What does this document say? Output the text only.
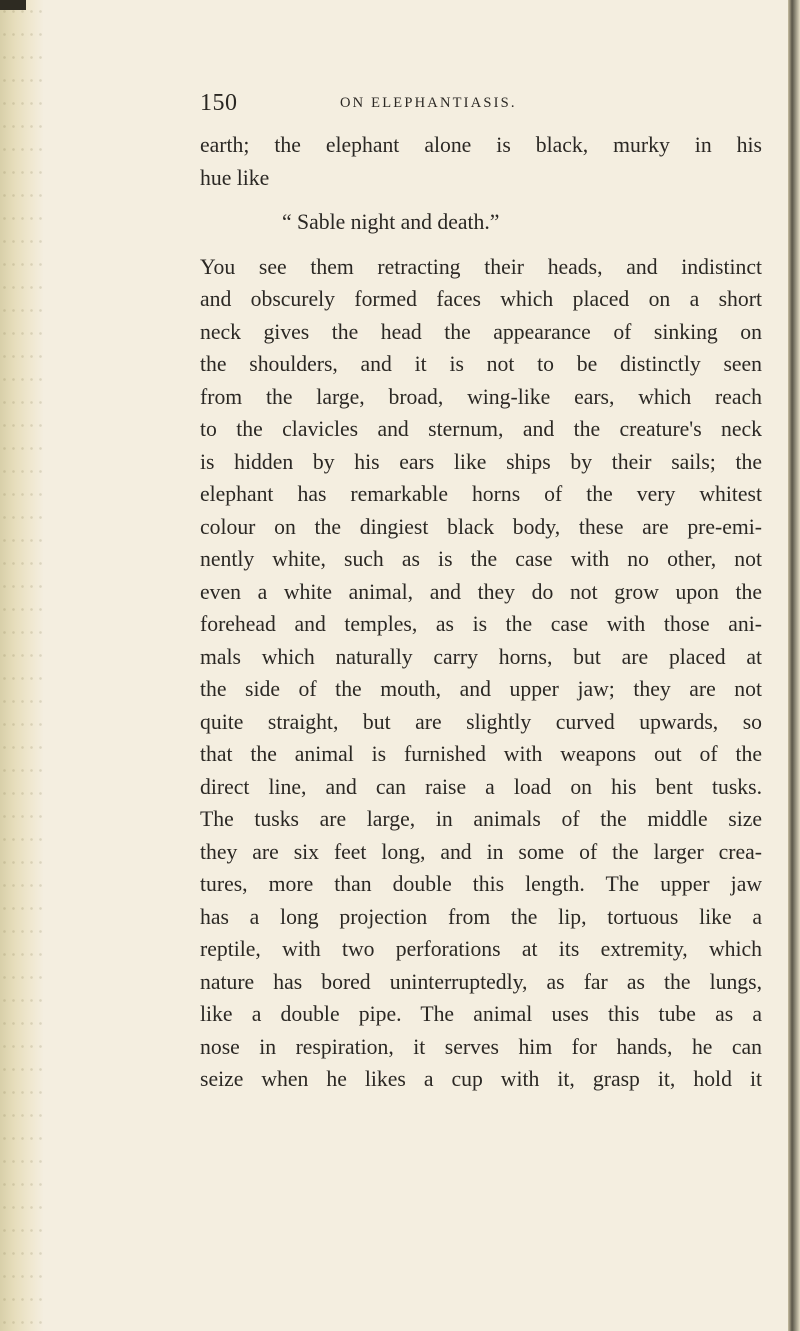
150	ON ELEPHANTIASIS.
earth; the elephant alone is black, murky in his
hue like
“ Sable night and death.”
You see them retracting their heads, and indistinct
and obscurely formed faces which placed on a short
neck gives the head the appearance of sinking on
the shoulders, and it is not to be distinctly seen
from the large, broad, wing-like ears, which reach
to the clavicles and sternum, and the creature's neck
is hidden by his ears like ships by their sails; the
elephant has remarkable horns of the very whitest
colour on the dingiest black body, these are pre-emi-
nently white, such as is the case with no other, not
even a white animal, and they do not grow upon the
forehead and temples, as is the case with those ani-
mals which naturally carry horns, but are placed at
the side of the mouth, and upper jaw; they are not
quite straight, but are slightly curved upwards, so
that the animal is furnished with weapons out of the
direct line, and can raise a load on his bent tusks.
The tusks are large, in animals of the middle size
they are six feet long, and in some of the larger crea-
tures, more than double this length. The upper jaw
has a long projection from the lip, tortuous like a
reptile, with two perforations at its extremity, which
nature has bored uninterruptedly, as far as the lungs,
like a double pipe. The animal uses this tube as a
nose in respiration, it serves him for hands, he can
seize when he likes a cup with it, grasp it, hold it
